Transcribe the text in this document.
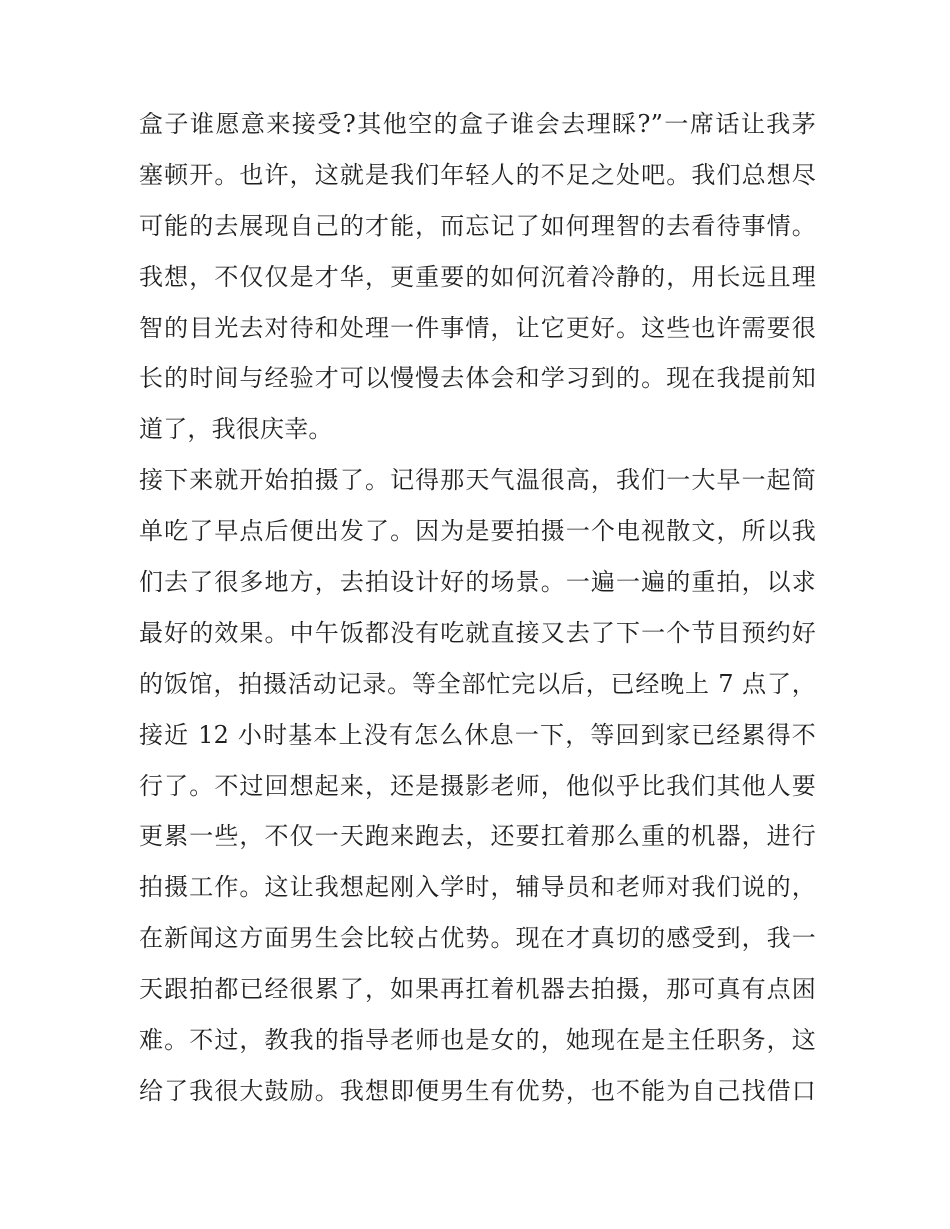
盒子谁愿意来接受?其他空的盒子谁会去理睬?”一席话让我茅
塞顿开。也许，这就是我们年轻人的不足之处吧。我们总想尽
可能的去展现自己的才能，而忘记了如何理智的去看待事情。
我想，不仅仅是才华，更重要的如何沉着冷静的，用长远且理
智的目光去对待和处理一件事情，让它更好。这些也许需要很
长的时间与经验才可以慢慢去体会和学习到的。现在我提前知
道了，我很庆幸。
接下来就开始拍摄了。记得那天气温很高，我们一大早一起简
单吃了早点后便出发了。因为是要拍摄一个电视散文，所以我
们去了很多地方，去拍设计好的场景。一遍一遍的重拍，以求
最好的效果。中午饭都没有吃就直接又去了下一个节目预约好
的饭馆，拍摄活动记录。等全部忙完以后，已经晚上 7 点了，
接近 12 小时基本上没有怎么休息一下，等回到家已经累得不
行了。不过回想起来，还是摄影老师，他似乎比我们其他人要
更累一些，不仅一天跑来跑去，还要扛着那么重的机器，进行
拍摄工作。这让我想起刚入学时，辅导员和老师对我们说的，
在新闻这方面男生会比较占优势。现在才真切的感受到，我一
天跟拍都已经很累了，如果再扛着机器去拍摄，那可真有点困
难。不过，教我的指导老师也是女的，她现在是主任职务，这
给了我很大鼓励。我想即便男生有优势，也不能为自己找借口
